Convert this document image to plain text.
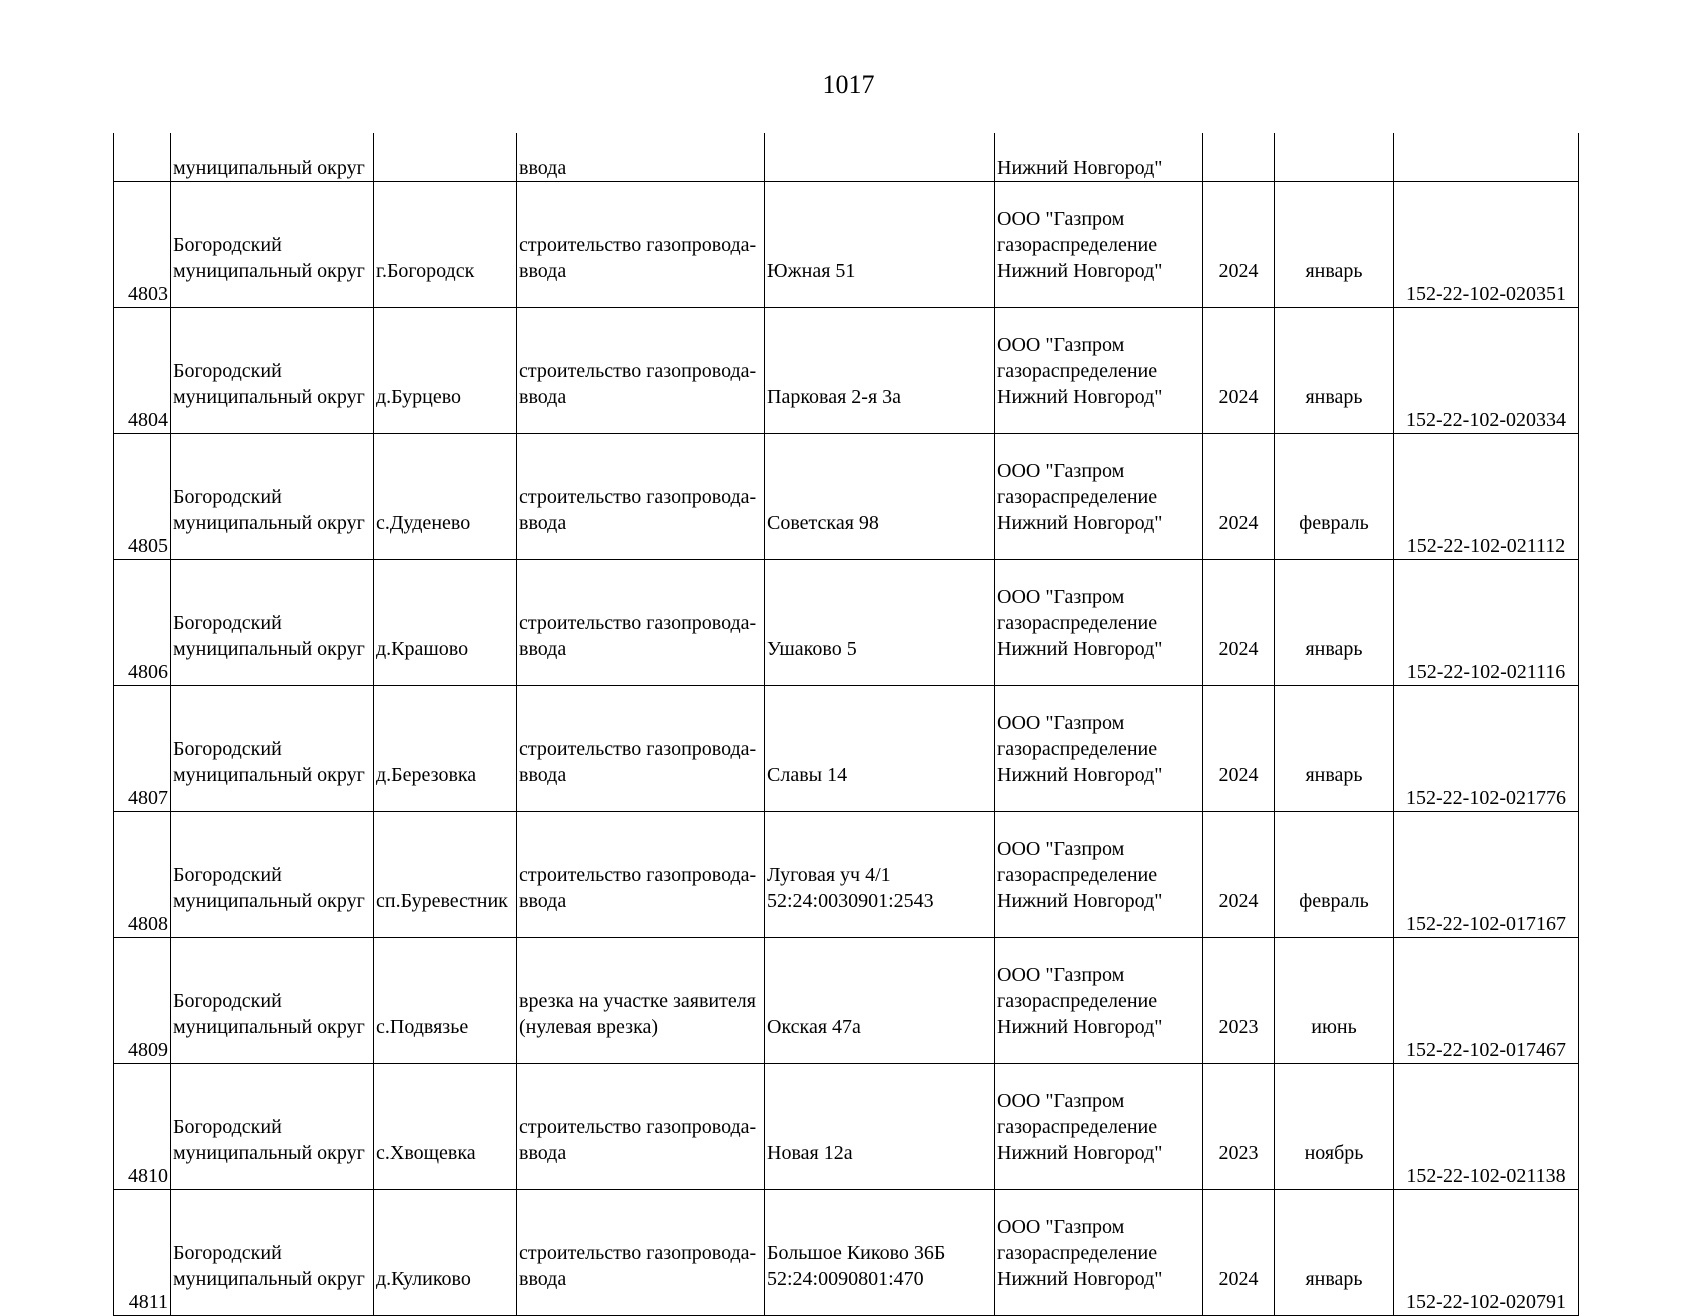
1017
	муниципальный округ		ввода		Нижний Новгород"			
4803	Богородский
муниципальный округ	г.Богородск	строительство газопровода-
ввода	Южная 51	ООО "Газпром
газораспределение
Нижний Новгород"	2024	январь	152-22-102-020351
4804	Богородский
муниципальный округ	д.Бурцево	строительство газопровода-
ввода	Парковая 2-я 3а	ООО "Газпром
газораспределение
Нижний Новгород"	2024	январь	152-22-102-020334
4805	Богородский
муниципальный округ	с.Дуденево	строительство газопровода-
ввода	Советская 98	ООО "Газпром
газораспределение
Нижний Новгород"	2024	февраль	152-22-102-021112
4806	Богородский
муниципальный округ	д.Крашово	строительство газопровода-
ввода	Ушаково 5	ООО "Газпром
газораспределение
Нижний Новгород"	2024	январь	152-22-102-021116
4807	Богородский
муниципальный округ	д.Березовка	строительство газопровода-
ввода	Славы 14	ООО "Газпром
газораспределение
Нижний Новгород"	2024	январь	152-22-102-021776
4808	Богородский
муниципальный округ	сп.Буревестник	строительство газопровода-
ввода	Луговая уч 4/1
52:24:0030901:2543	ООО "Газпром
газораспределение
Нижний Новгород"	2024	февраль	152-22-102-017167
4809	Богородский
муниципальный округ	с.Подвязье	врезка на участке заявителя
(нулевая врезка)	Окская 47а	ООО "Газпром
газораспределение
Нижний Новгород"	2023	июнь	152-22-102-017467
4810	Богородский
муниципальный округ	с.Хвощевка	строительство газопровода-
ввода	Новая 12а	ООО "Газпром
газораспределение
Нижний Новгород"	2023	ноябрь	152-22-102-021138
4811	Богородский
муниципальный округ	д.Куликово	строительство газопровода-
ввода	Большое Киково 36Б
52:24:0090801:470	ООО "Газпром
газораспределение
Нижний Новгород"	2024	январь	152-22-102-020791
